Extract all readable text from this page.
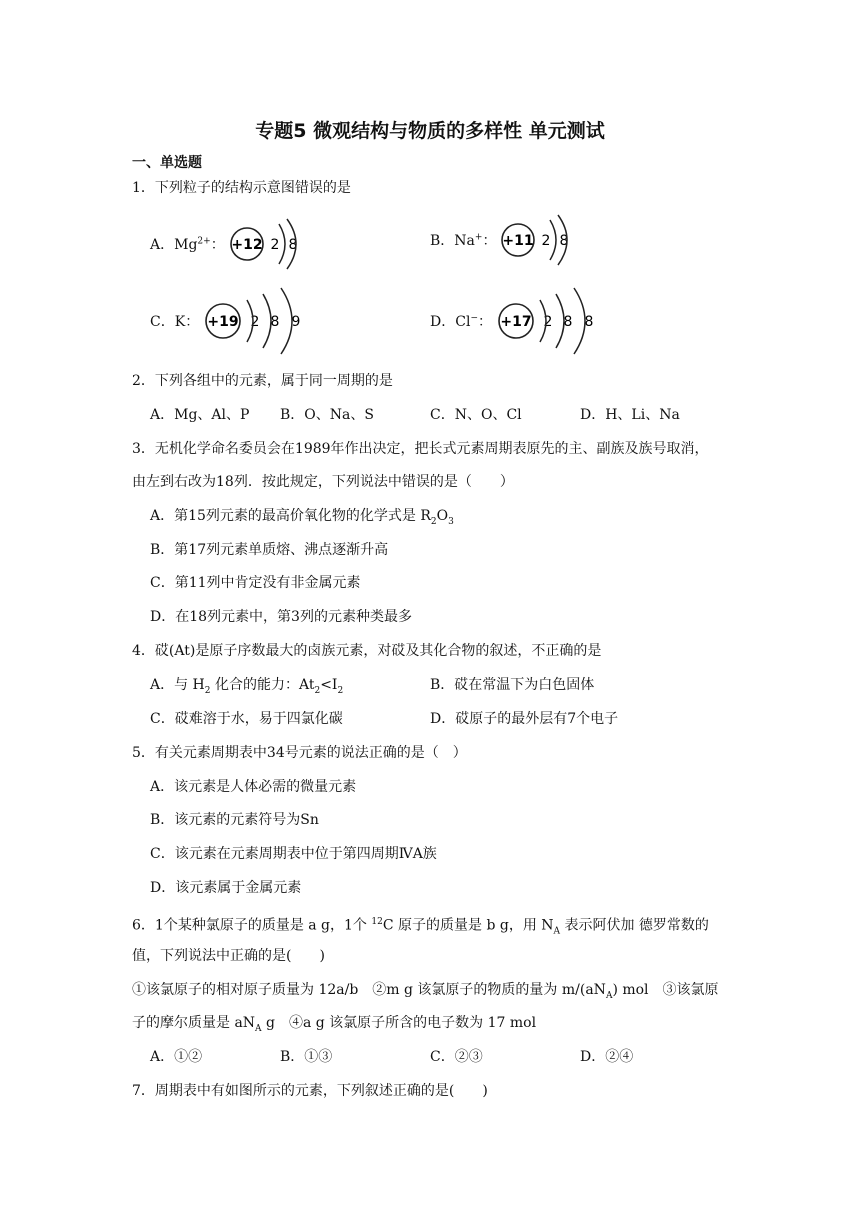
专题5 微观结构与物质的多样性 单元测试
一、单选题
1．下列粒子的结构示意图错误的是
A．$Mg^{2+}$： +12 2 8	B．Na+： +11 2 8
C．K： +19 2 8 9	D．Cl−： +17 2 8 8
2．下列各组中的元素，属于同一周期的是
A．Mg、Al、P B．O、Na、S	C．N、O、Cl	D．H、Li、Na
3．无机化学命名委员会在1989年作出决定，把长式元素周期表原先的主、副族及族号取消，
由左到右改为18列．按此规定，下列说法中错误的是（　　）
A．第15列元素的最高价氧化物的化学式是 $R_2O_3$
B．第17列元素单质熔、沸点逐渐升高
C．第11列中肯定没有非金属元素
D．在18列元素中，第3列的元素种类最多
4．砹(At)是原子序数最大的卤族元素，对砹及其化合物的叙述，不正确的是
A．与 $H_2$ 化合的能力：$At_2<I_2$	B．砹在常温下为白色固体
C．砹难溶于水，易于四氯化碳	D．砹原子的最外层有7个电子
5．有关元素周期表中34号元素的说法正确的是（　）
A．该元素是人体必需的微量元素
B．该元素的元素符号为Sn
C．该元素在元素周期表中位于第四周期ⅣA族
D．该元素属于金属元素
6．1个某种氯原子的质量是 a g，1个 $^{12}$C 原子的质量是 b g，用 $N_A$ 表示阿伏加 德罗常数的
值，下列说法中正确的是(　　)
①该氯原子的相对原子质量为 12a/b　②m g 该氯原子的物质的量为 $m/(aN_A)$ mol　③该氯原
子的摩尔质量是 $aN_A$ g　④a g 该氯原子所含的电子数为 17 mol
A．①②	B．①③	C．②③	D．②④
7．周期表中有如图所示的元素，下列叙述正确的是(　　)
